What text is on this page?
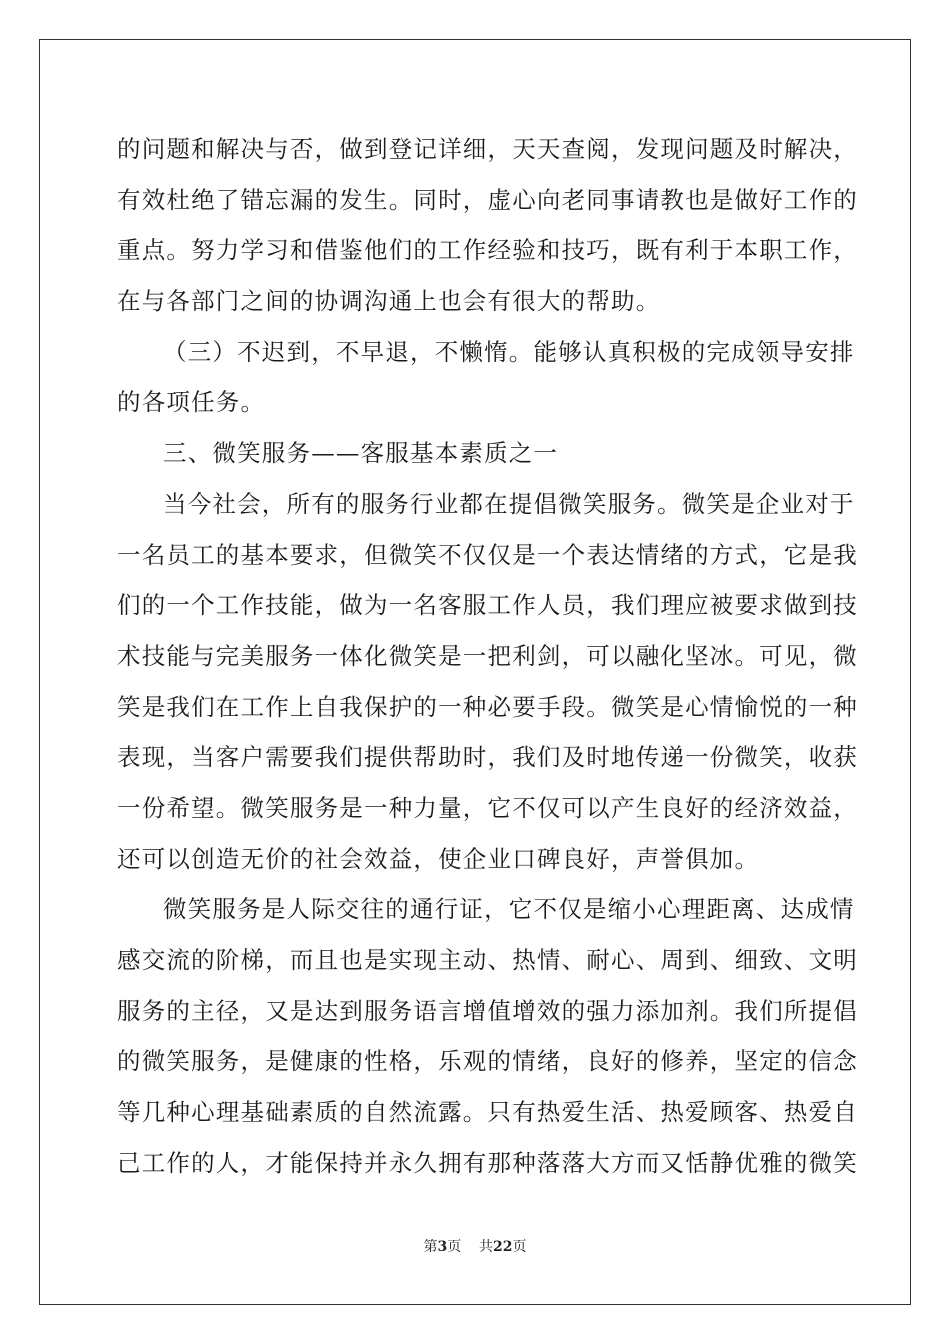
的问题和解决与否，做到登记详细，天天查阅，发现问题及时解决，
有效杜绝了错忘漏的发生。同时，虚心向老同事请教也是做好工作的
重点。努力学习和借鉴他们的工作经验和技巧，既有利于本职工作，
在与各部门之间的协调沟通上也会有很大的帮助。
（三）不迟到，不早退，不懒惰。能够认真积极的完成领导安排
的各项任务。
三、微笑服务——客服基本素质之一
当今社会，所有的服务行业都在提倡微笑服务。微笑是企业对于
一名员工的基本要求，但微笑不仅仅是一个表达情绪的方式，它是我
们的一个工作技能，做为一名客服工作人员，我们理应被要求做到技
术技能与完美服务一体化微笑是一把利剑，可以融化坚冰。可见，微
笑是我们在工作上自我保护的一种必要手段。微笑是心情愉悦的一种
表现，当客户需要我们提供帮助时，我们及时地传递一份微笑，收获
一份希望。微笑服务是一种力量，它不仅可以产生良好的经济效益，
还可以创造无价的社会效益，使企业口碑良好，声誉俱加。
微笑服务是人际交往的通行证，它不仅是缩小心理距离、达成情
感交流的阶梯，而且也是实现主动、热情、耐心、周到、细致、文明
服务的主径，又是达到服务语言增值增效的强力添加剂。我们所提倡
的微笑服务，是健康的性格，乐观的情绪，良好的修养，坚定的信念
等几种心理基础素质的自然流露。只有热爱生活、热爱顾客、热爱自
己工作的人，才能保持并永久拥有那种落落大方而又恬静优雅的微笑
第3页 共22页
